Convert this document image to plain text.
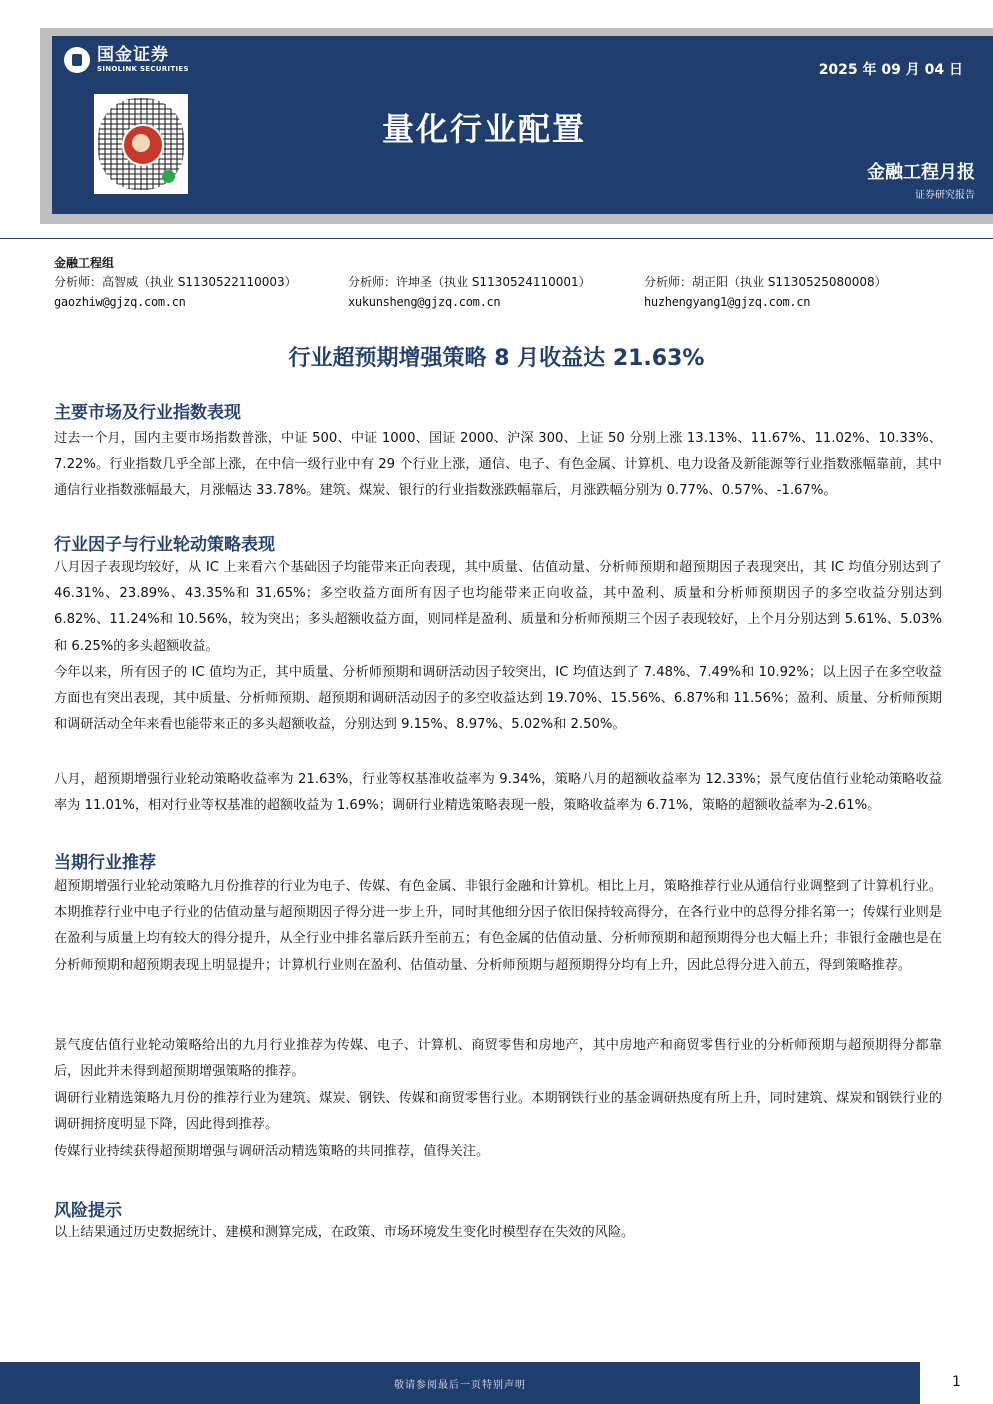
国金证券
SINOLINK SECURITIES	2025 年 09 月 04 日
量化行业配置
金融工程月报
证券研究报告
金融工程组
分析师：高智威（执业 S1130522110003）
gaozhiw@gjzq.com.cn
分析师：许坤圣（执业 S1130524110001）
xukunsheng@gjzq.com.cn
分析师：胡正阳（执业 S1130525080008）
huzhengyang1@gjzq.com.cn
行业超预期增强策略 8 月收益达 21.63%
主要市场及行业指数表现
过去一个月，国内主要市场指数普涨，中证 500、中证 1000、国证 2000、沪深 300、上证 50 分别上涨 13.13%、11.67%、11.02%、10.33%、7.22%。行业指数几乎全部上涨，在中信一级行业中有 29 个行业上涨，通信、电子、有色金属、计算机、电力设备及新能源等行业指数涨幅靠前，其中通信行业指数涨幅最大，月涨幅达 33.78%。建筑、煤炭、银行的行业指数涨跌幅靠后，月涨跌幅分别为 0.77%、0.57%、-1.67%。
行业因子与行业轮动策略表现
八月因子表现均较好，从 IC 上来看六个基础因子均能带来正向表现，其中质量、估值动量、分析师预期和超预期因子表现突出，其 IC 均值分别达到了 46.31%、23.89%、43.35%和 31.65%；多空收益方面所有因子也均能带来正向收益，其中盈利、质量和分析师预期因子的多空收益分别达到 6.82%、11.24%和 10.56%，较为突出；多头超额收益方面，则同样是盈利、质量和分析师预期三个因子表现较好，上个月分别达到 5.61%、5.03%和 6.25%的多头超额收益。
今年以来，所有因子的 IC 值均为正，其中质量、分析师预期和调研活动因子较突出，IC 均值达到了 7.48%、7.49%和 10.92%；以上因子在多空收益方面也有突出表现，其中质量、分析师预期、超预期和调研活动因子的多空收益达到 19.70%、15.56%、6.87%和 11.56%；盈利、质量、分析师预期和调研活动全年来看也能带来正的多头超额收益，分别达到 9.15%、8.97%、5.02%和 2.50%。
八月，超预期增强行业轮动策略收益率为 21.63%，行业等权基准收益率为 9.34%，策略八月的超额收益率为 12.33%；景气度估值行业轮动策略收益率为 11.01%，相对行业等权基准的超额收益为 1.69%；调研行业精选策略表现一般，策略收益率为 6.71%，策略的超额收益率为-2.61%。
当期行业推荐
超预期增强行业轮动策略九月份推荐的行业为电子、传媒、有色金属、非银行金融和计算机。相比上月，策略推荐行业从通信行业调整到了计算机行业。本期推荐行业中电子行业的估值动量与超预期因子得分进一步上升，同时其他细分因子依旧保持较高得分，在各行业中的总得分排名第一；传媒行业则是在盈利与质量上均有较大的得分提升，从全行业中排名靠后跃升至前五；有色金属的估值动量、分析师预期和超预期得分也大幅上升；非银行金融也是在分析师预期和超预期表现上明显提升；计算机行业则在盈利、估值动量、分析师预期与超预期得分均有上升，因此总得分进入前五，得到策略推荐。
景气度估值行业轮动策略给出的九月行业推荐为传媒、电子、计算机、商贸零售和房地产，其中房地产和商贸零售行业的分析师预期与超预期得分都靠后，因此并未得到超预期增强策略的推荐。
调研行业精选策略九月份的推荐行业为建筑、煤炭、钢铁、传媒和商贸零售行业。本期钢铁行业的基金调研热度有所上升，同时建筑、煤炭和钢铁行业的调研拥挤度明显下降，因此得到推荐。
传媒行业持续获得超预期增强与调研活动精选策略的共同推荐，值得关注。
风险提示
以上结果通过历史数据统计、建模和测算完成，在政策、市场环境发生变化时模型存在失效的风险。
敬请参阅最后一页特别声明	1
